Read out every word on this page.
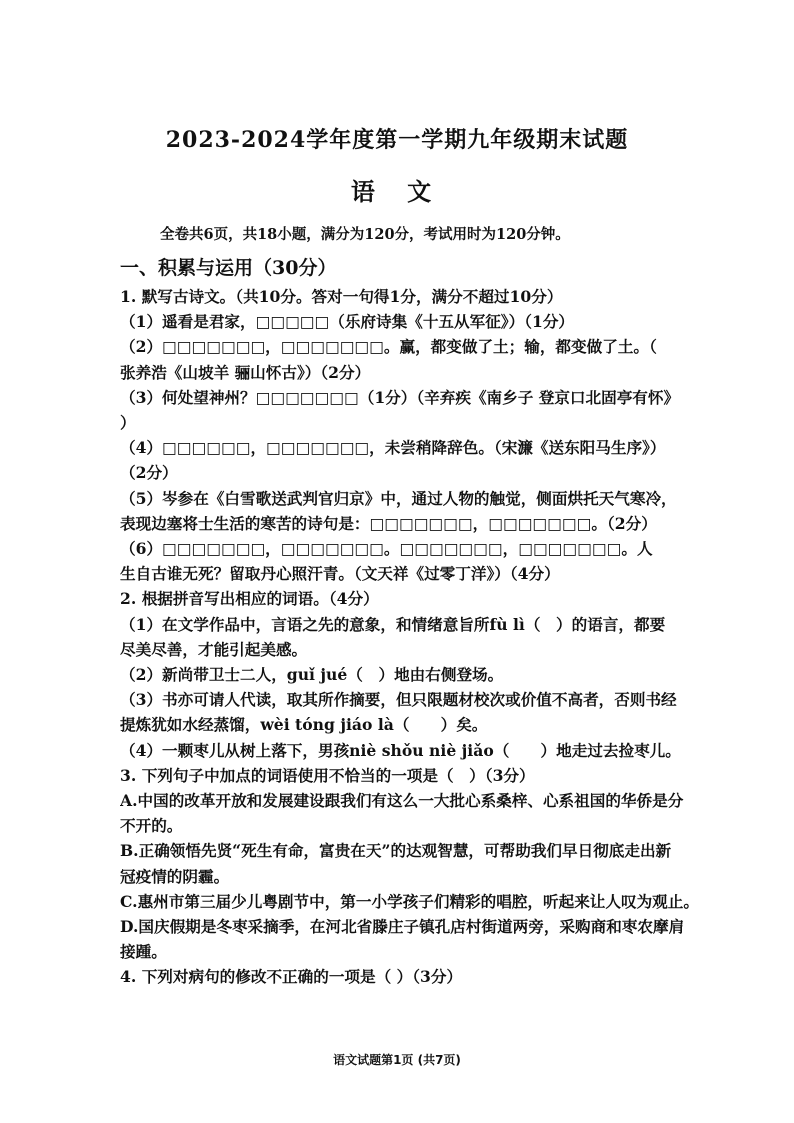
2023-2024学年度第一学期九年级期末试题
语 文
全卷共6页，共18小题，满分为120分，考试用时为120分钟。
一、积累与运用（30分）
1. 默写古诗文。（共10分。答对一句得1分，满分不超过10分）
（1）遥看是君家，□□□□□（乐府诗集《十五从军征》）（1分）
（2）□□□□□□□，□□□□□□□。赢，都变做了土；输，都变做了土。（
张养浩《山坡羊 骊山怀古》）（2分）
（3）何处望神州？□□□□□□□（1分）（辛弃疾《南乡子 登京口北固亭有怀》
）
（4）□□□□□□，□□□□□□□，未尝稍降辞色。（宋濂《送东阳马生序》）
（2分）
（5）岑参在《白雪歌送武判官归京》中，通过人物的触觉，侧面烘托天气寒冷，
表现边塞将士生活的寒苦的诗句是：□□□□□□□，□□□□□□□。（2分）
（6）□□□□□□□，□□□□□□□。□□□□□□□，□□□□□□□。人
生自古谁无死？留取丹心照汗青。（文天祥《过零丁洋》）（4分）
2. 根据拼音写出相应的词语。（4分）
（1）在文学作品中，言语之先的意象，和情绪意旨所fù lì（　）的语言，都要
尽美尽善，才能引起美感。
（2）新尚带卫士二人，guǐ jué（　）地由右侧登场。
（3）书亦可请人代读，取其所作摘要，但只限题材校次或价值不高者，否则书经
提炼犹如水经蒸馏，wèi tóng jiáo là（　　）矣。
（4）一颗枣儿从树上落下，男孩niè shǒu niè jiǎo（　　）地走过去捡枣儿。
3. 下列句子中加点的词语使用不恰当的一项是（　）（3分）
A.中国的改革开放和发展建设跟我们有这么一大批心系桑梓、心系祖国的华侨是分
不开的。
B.正确领悟先贤“死生有命，富贵在天”的达观智慧，可帮助我们早日彻底走出新
冠疫情的阴霾。
C.惠州市第三届少儿粤剧节中，第一小学孩子们精彩的唱腔，听起来让人叹为观止。
D.国庆假期是冬枣采摘季，在河北省滕庄子镇孔店村街道两旁，采购商和枣农摩肩
接踵。
4. 下列对病句的修改不正确的一项是（ ）（3分）
语文试题第1页 (共7页)
